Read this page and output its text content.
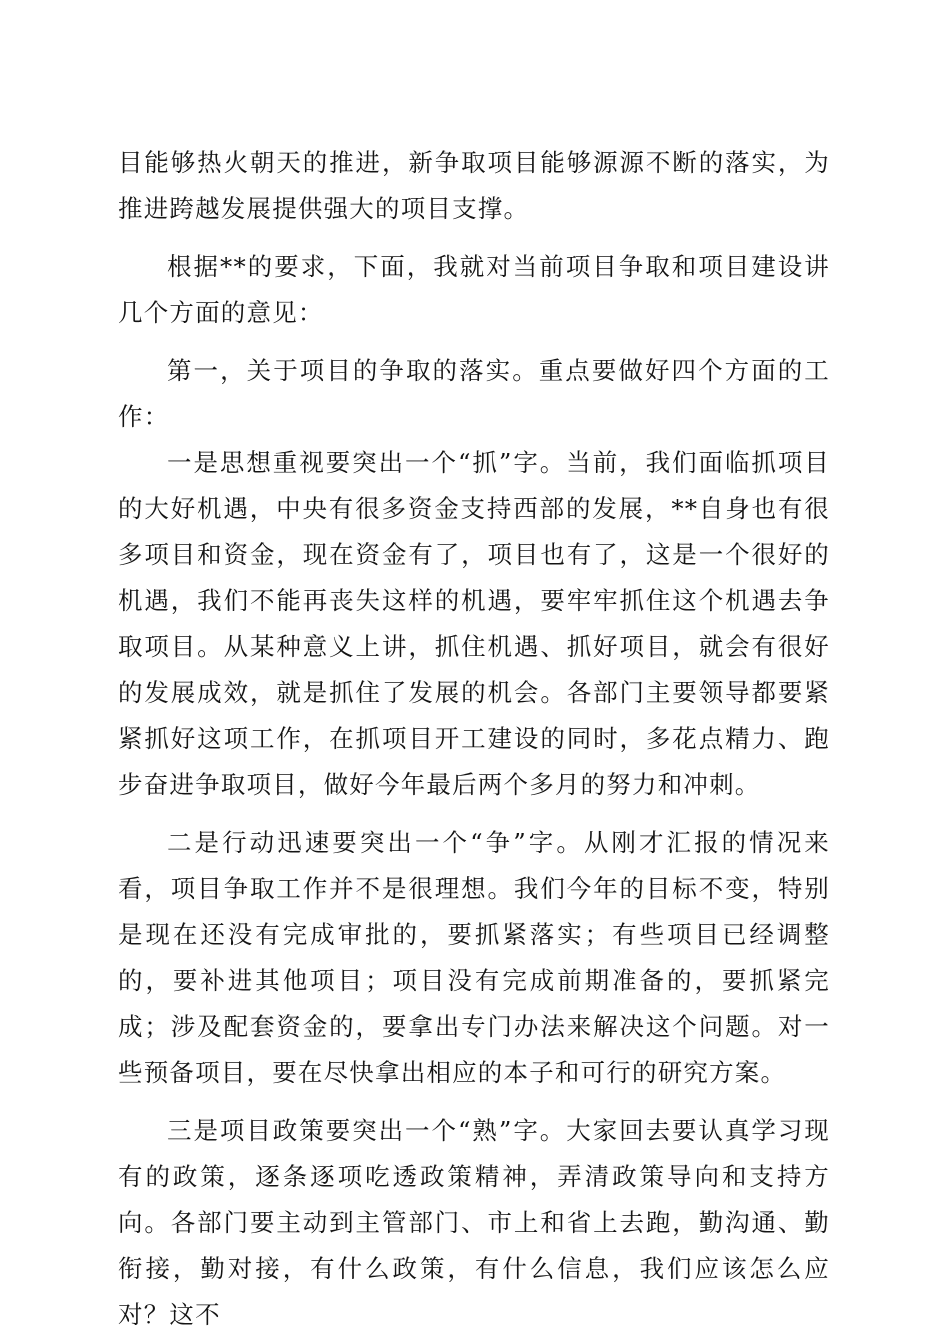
目能够热火朝天的推进，新争取项目能够源源不断的落实，为推进跨越发展提供强大的项目支撑。

根据**的要求，下面，我就对当前项目争取和项目建设讲几个方面的意见：

第一，关于项目的争取的落实。重点要做好四个方面的工作：

一是思想重视要突出一个“抓”字。当前，我们面临抓项目的大好机遇，中央有很多资金支持西部的发展，**自身也有很多项目和资金，现在资金有了，项目也有了，这是一个很好的机遇，我们不能再丧失这样的机遇，要牢牢抓住这个机遇去争取项目。从某种意义上讲，抓住机遇、抓好项目，就会有很好的发展成效，就是抓住了发展的机会。各部门主要领导都要紧紧抓好这项工作，在抓项目开工建设的同时，多花点精力、跑步奋进争取项目，做好今年最后两个多月的努力和冲刺。

二是行动迅速要突出一个“争”字。从刚才汇报的情况来看，项目争取工作并不是很理想。我们今年的目标不变，特别是现在还没有完成审批的，要抓紧落实；有些项目已经调整的，要补进其他项目；项目没有完成前期准备的，要抓紧完成；涉及配套资金的，要拿出专门办法来解决这个问题。对一些预备项目，要在尽快拿出相应的本子和可行的研究方案。

三是项目政策要突出一个“熟”字。大家回去要认真学习现有的政策，逐条逐项吃透政策精神，弄清政策导向和支持方向。各部门要主动到主管部门、市上和省上去跑，勤沟通、勤衔接，勤对接，有什么政策，有什么信息，我们应该怎么应对？这不
